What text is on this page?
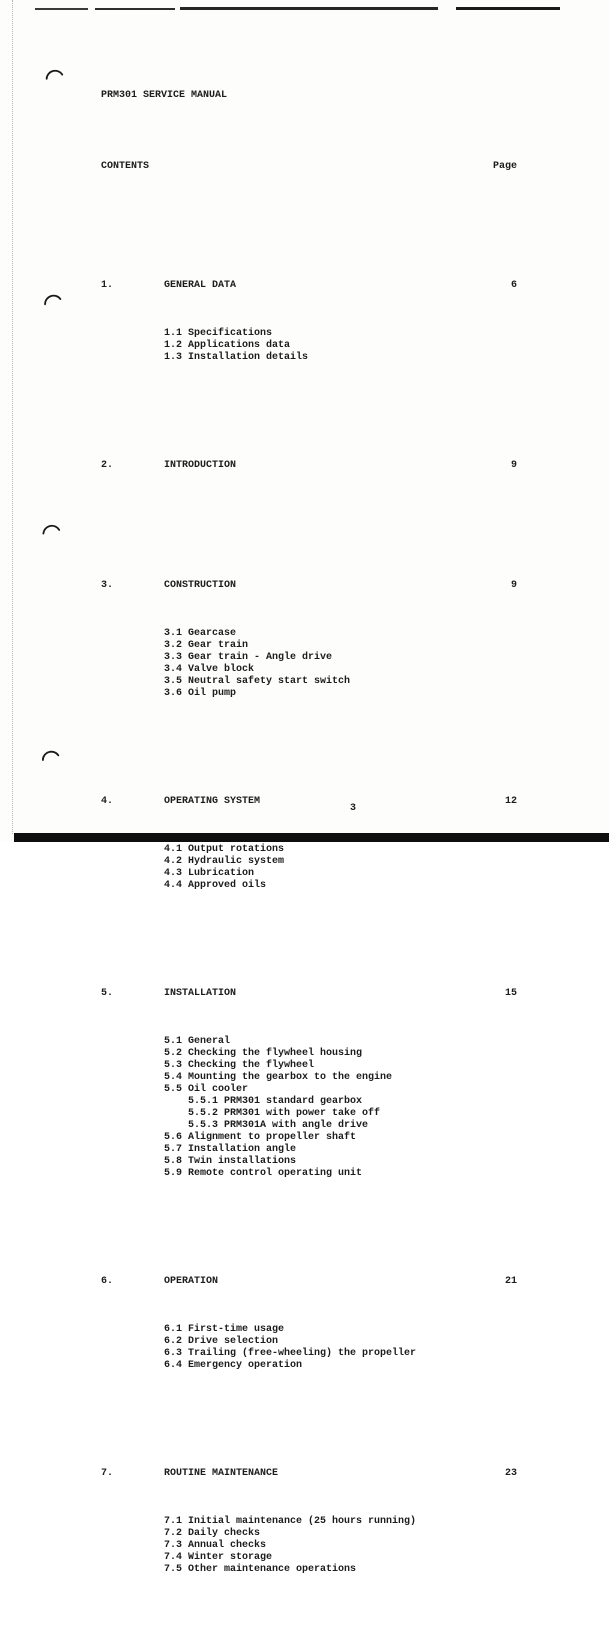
PRM301 SERVICE MANUAL

CONTENTS	Page

1.	GENERAL DATA	6

1.1 Specifications
1.2 Applications data
1.3 Installation details

2.	INTRODUCTION	9

3.	CONSTRUCTION	9

3.1 Gearcase
3.2 Gear train
3.3 Gear train - Angle drive
3.4 Valve block
3.5 Neutral safety start switch
3.6 Oil pump

4.	OPERATING SYSTEM	12

4.1 Output rotations
4.2 Hydraulic system
4.3 Lubrication
4.4 Approved oils

5.	INSTALLATION	15

5.1 General
5.2 Checking the flywheel housing
5.3 Checking the flywheel
5.4 Mounting the gearbox to the engine
5.5 Oil cooler
5.5.1 PRM301 standard gearbox
5.5.2 PRM301 with power take off
5.5.3 PRM301A with angle drive
5.6 Alignment to propeller shaft
5.7 Installation angle
5.8 Twin installations
5.9 Remote control operating unit

6.	OPERATION	21

6.1 First-time usage
6.2 Drive selection
6.3 Trailing (free-wheeling) the propeller
6.4 Emergency operation

7.	ROUTINE MAINTENANCE	23

7.1 Initial maintenance (25 hours running)
7.2 Daily checks
7.3 Annual checks
7.4 Winter storage
7.5 Other maintenance operations

3
